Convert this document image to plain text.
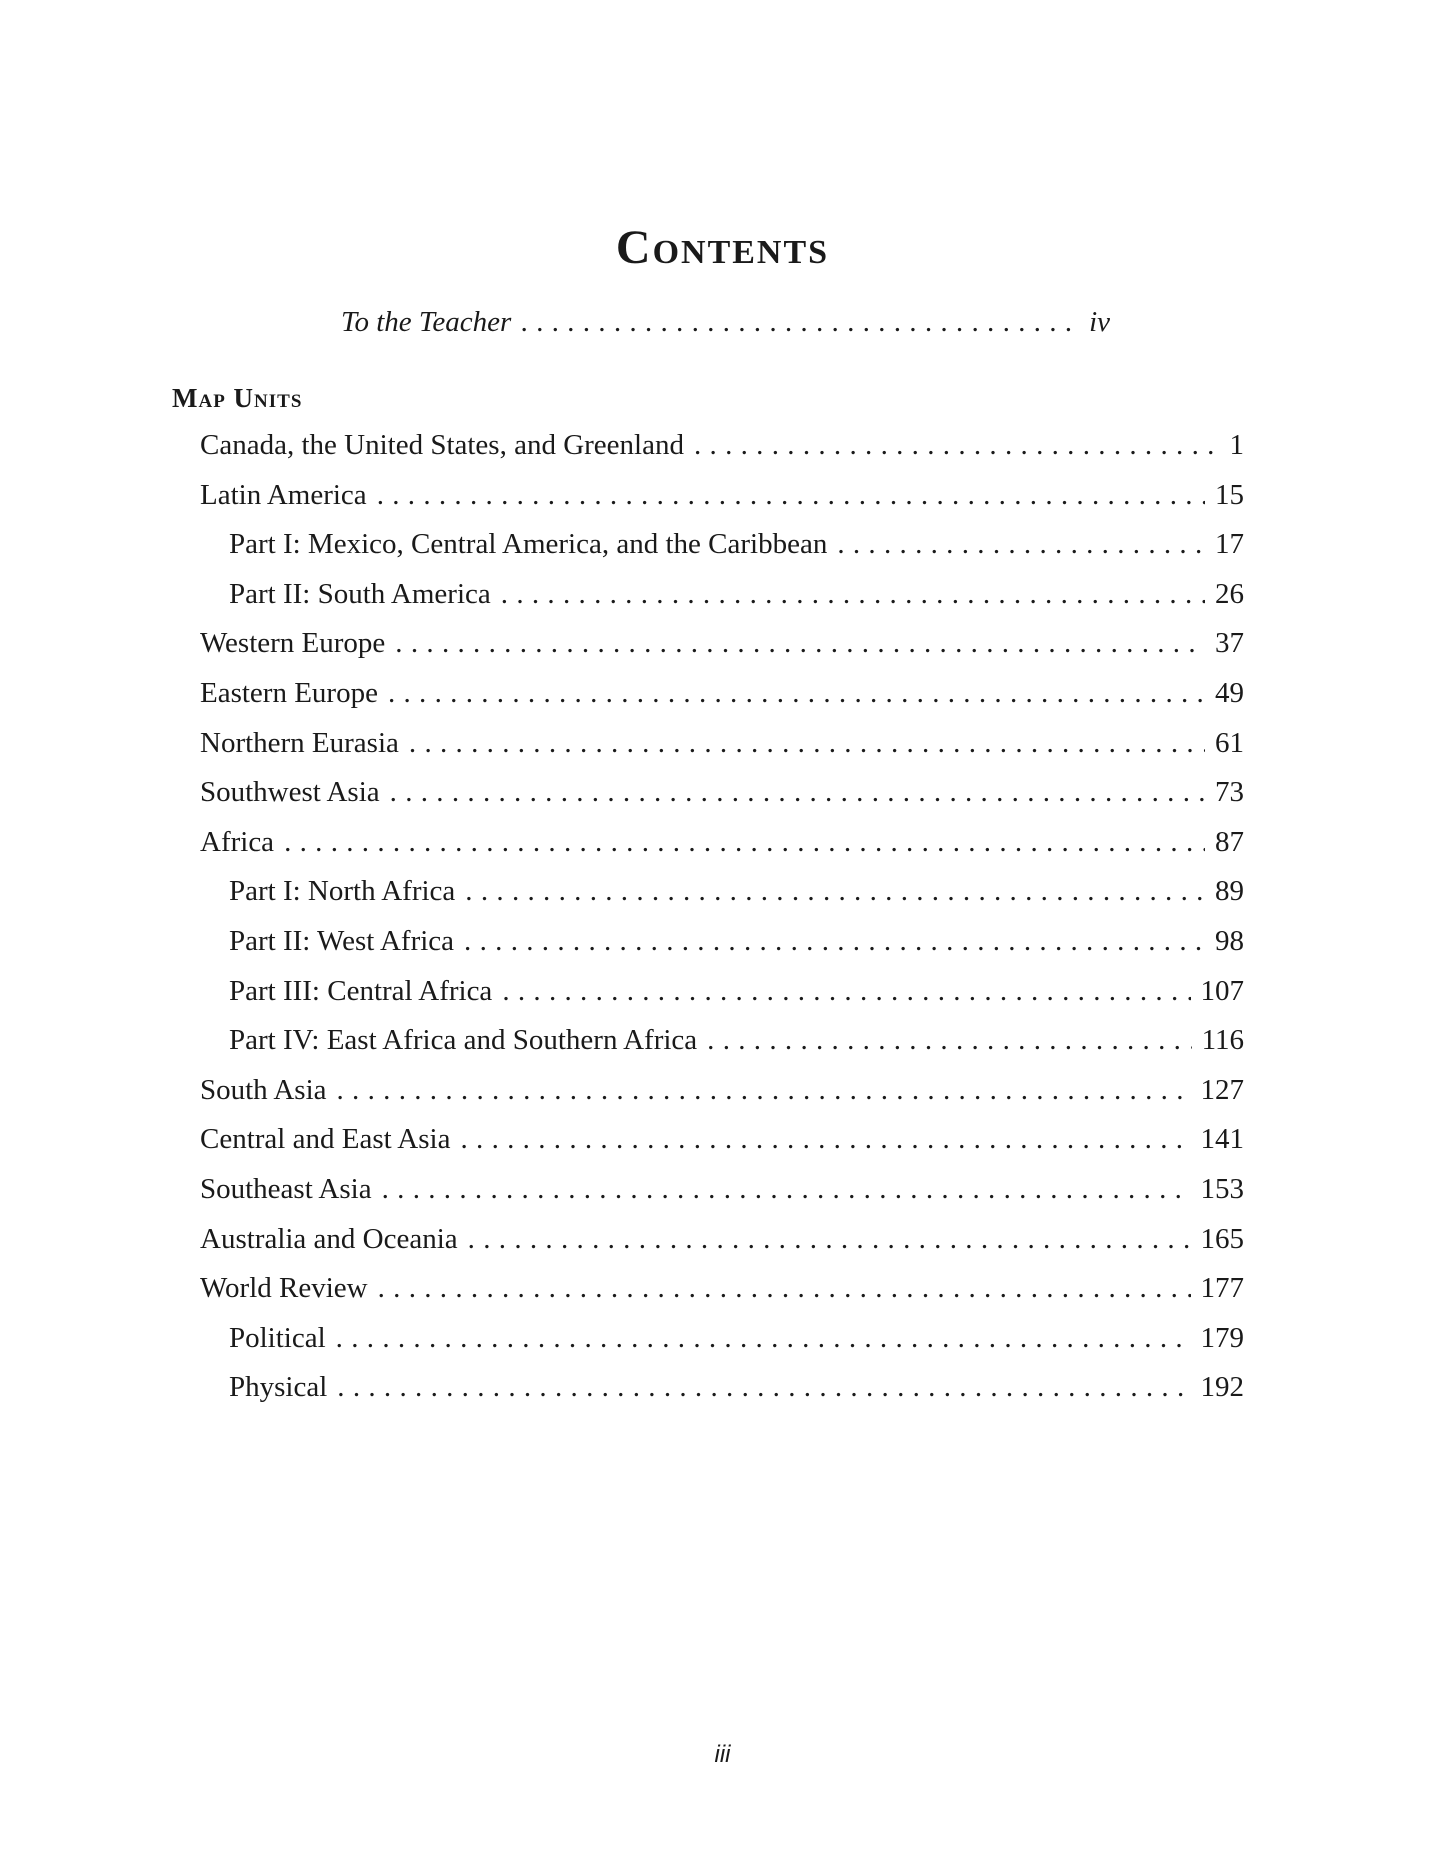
Contents
To the Teacher .....	iv
Map Units
Canada, the United States, and Greenland .....	1
Latin America .....	15
Part I: Mexico, Central America, and the Caribbean .....	17
Part II: South America .....	26
Western Europe .....	37
Eastern Europe .....	49
Northern Eurasia .....	61
Southwest Asia .....	73
Africa .....	87
Part I: North Africa .....	89
Part II: West Africa .....	98
Part III: Central Africa .....	107
Part IV: East Africa and Southern Africa .....	116
South Asia .....	127
Central and East Asia .....	141
Southeast Asia .....	153
Australia and Oceania .....	165
World Review .....	177
Political .....	179
Physical .....	192
iii
